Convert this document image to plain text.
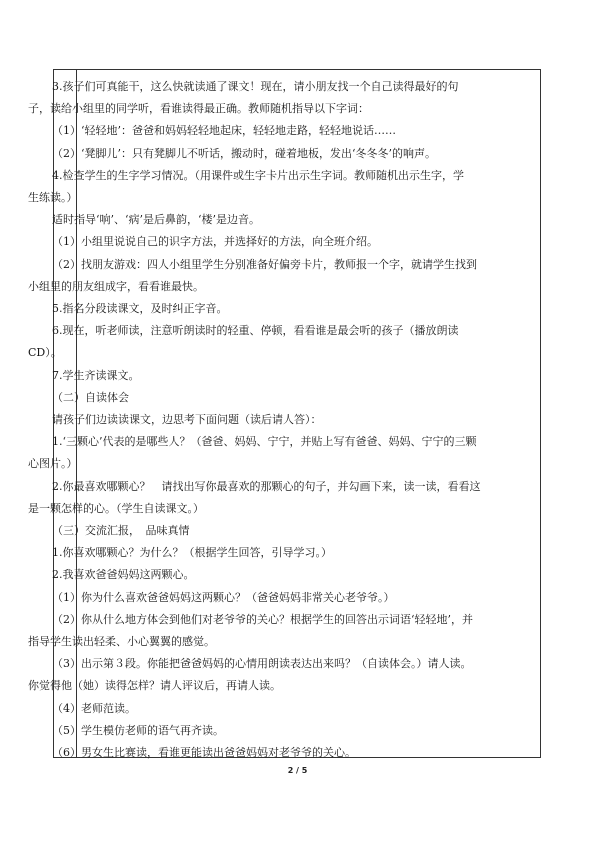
3.孩子们可真能干，这么快就读通了课文！现在，请小朋友找一个自己读得最好的句

子，读给小组里的同学听，看谁读得最正确。教师随机指导以下字词：

（1）‘轻轻地’：爸爸和妈妈轻轻地起床，轻轻地走路，轻轻地说话……

（2）‘凳脚儿’：只有凳脚儿不听话，搬动时，碰着地板，发出‘冬冬冬’的响声。

4.检查学生的生字学习情况。（用课件或生字卡片出示生字词。教师随机出示生字，学

生练读。）

适时指导‘响’、‘病’是后鼻韵，‘楼’是边音。

（1）小组里说说自己的识字方法，并选择好的方法，向全班介绍。

（2）找朋友游戏：四人小组里学生分别准备好偏旁卡片，教师报一个字，就请学生找到

小组里的朋友组成字，看看谁最快。

5.指名分段读课文，及时纠正字音。

6.现在，听老师读，注意听朗读时的轻重、停顿，看看谁是最会听的孩子（播放朗读

CD）。

7.学生齐读课文。

（二）自读体会

请孩子们边读读课文，边思考下面问题（读后请人答）：

1.‘三颗心’代表的是哪些人？（爸爸、妈妈、宁宁，并贴上写有爸爸、妈妈、宁宁的三颗

心图片。）

2.你最喜欢哪颗心？　请找出写你最喜欢的那颗心的句子，并勾画下来，读一读，看看这

是一颗怎样的心。（学生自读课文。）

（三）交流汇报，　品味真情

1.你喜欢哪颗心？为什么？（根据学生回答，引导学习。）

2.我喜欢爸爸妈妈这两颗心。

（1）你为什么喜欢爸爸妈妈这两颗心？（爸爸妈妈非常关心老爷爷。）

（2）你从什么地方体会到他们对老爷爷的关心？根据学生的回答出示词语‘轻轻地’，并

指导学生读出轻柔、小心翼翼的感觉。

（3）出示第３段。你能把爸爸妈妈的心情用朗读表达出来吗？（自读体会。）请人读。

你觉得他（她）读得怎样？请人评议后，再请人读。

（4）老师范读。

（5）学生模仿老师的语气再齐读。

（6）男女生比赛读，看谁更能读出爸爸妈妈对老爷爷的关心。

2 / 5
